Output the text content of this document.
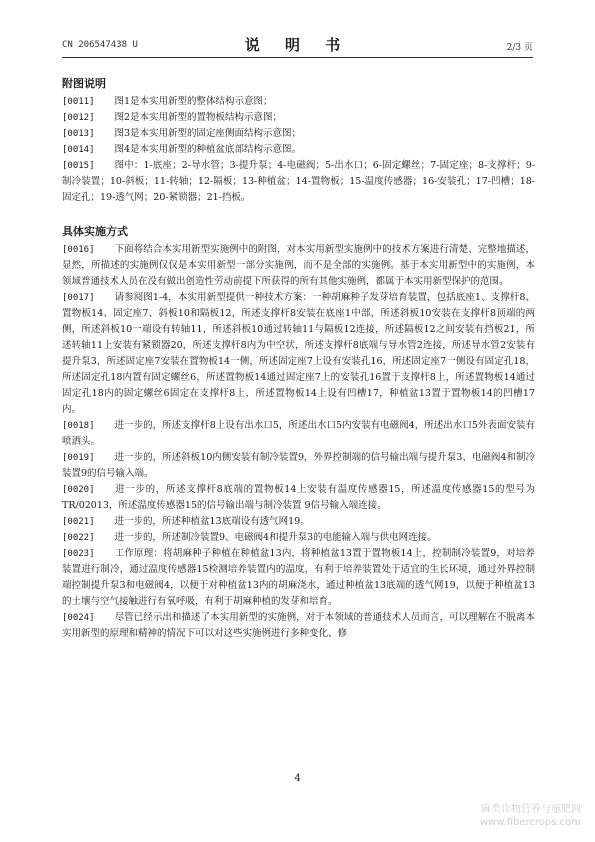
CN 206547438 U	说 明 书	2/3 页
附图说明

[0011] 图1是本实用新型的整体结构示意图；

[0012] 图2是本实用新型的置物板结构示意图；

[0013] 图3是本实用新型的固定座侧面结构示意图；

[0014] 图4是本实用新型的种植盆底部结构示意图。

[0015] 图中：1-底座；2-导水管；3-提升泵；4-电磁阀；5-出水口；6-固定螺丝；7-固定座；8-支撑杆；9-制冷装置；10-斜板；11-转轴；12-隔板；13-种植盆；14-置物板；15-温度传感器；16-安装孔；17-凹槽；18-固定孔；19-透气网；20-紧锁器；21-挡板。

具体实施方式

[0016] 下面将结合本实用新型实施例中的附图，对本实用新型实施例中的技术方案进行清楚、完整地描述，显然，所描述的实施例仅仅是本实用新型一部分实施例，而不是全部的实施例。基于本实用新型中的实施例，本领域普通技术人员在没有做出创造性劳动前提下所获得的所有其他实施例，都属于本实用新型保护的范围。

[0017] 请参阅图1-4，本实用新型提供一种技术方案：一种胡麻种子发芽培育装置，包括底座1、支撑杆8、置物板14、固定座7、斜板10和隔板12，所述支撑杆8安装在底座1中部，所述斜板10安装在支撑杆8顶端的两侧，所述斜板10一端设有转轴11，所述斜板10通过转轴11与隔板12连接，所述隔板12之间安装有挡板21，所述转轴11上安装有紧锁器20，所述支撑杆8内为中空状，所述支撑杆8底端与导水管2连接，所述导水管2安装有提升泵3，所述固定座7安装在置物板14一侧，所述固定座7上设有安装孔16，所述固定座7一侧设有固定孔18，所述固定孔18内置有固定螺丝6，所述置物板14通过固定座7上的安装孔16置于支撑杆8上，所述置物板14通过固定孔18内的固定螺丝6固定在支撑杆8上，所述置物板14上设有凹槽17，种植盆13置于置物板14的凹槽17内。

[0018] 进一步的，所述支撑杆8上设有出水口5，所述出水口5内安装有电磁阀4，所述出水口5外表面安装有喷洒头。

[0019] 进一步的，所述斜板10内侧安装有制冷装置9，外界控制端的信号输出端与提升泵3、电磁阀4和制冷装置9的信号输入端。

[0020] 进一步的，所述支撑杆8底端的置物板14上安装有温度传感器15，所述温度传感器15的型号为TR/02013，所述温度传感器15的信号输出端与制冷装置 9信号输入端连接。

[0021] 进一步的，所述种植盆13底端设有透气网19。

[0022] 进一步的，所述制冷装置9、电磁阀4和提升泵3的电能输入端与供电网连接。

[0023] 工作原理：将胡麻种子种植在种植盆13内，将种植盆13置于置物板14上，控制制冷装置9，对培养装置进行制冷，通过温度传感器15检测培养装置内的温度，有利于培养装置处于适宜的生长环境，通过外界控制端控制提升泵3和电磁阀4，以便于对种植盆13内的胡麻浇水，通过种植盆13底端的透气网19，以便于种植盆13的土壤与空气接触进行有氧呼吸，有利于胡麻种植的发芽和培育。

[0024] 尽管已经示出和描述了本实用新型的实施例，对于本领域的普通技术人员而言，可以理解在不脱离本实用新型的原理和精神的情况下可以对这些实施例进行多种变化、修

4
麻类作物营养与施肥网
www.fibercrops.com
